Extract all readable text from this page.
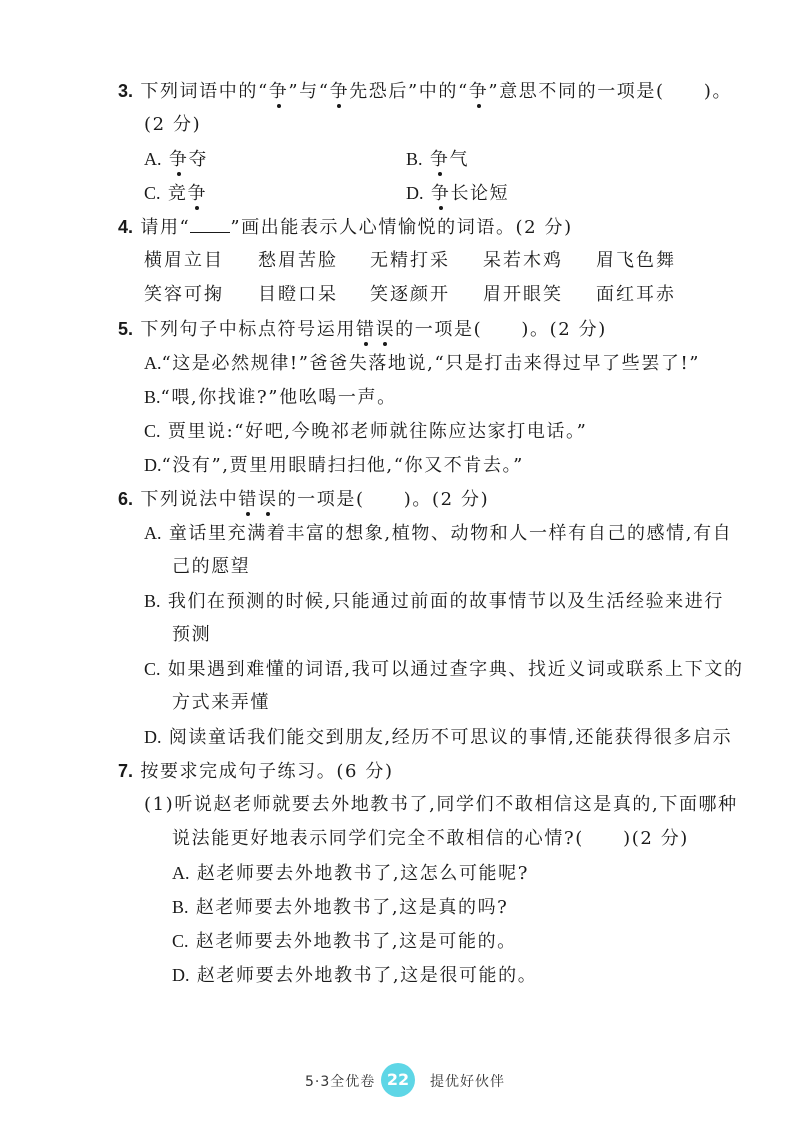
3. 下列词语中的“争”与“争先恐后”中的“争”意思不同的一项是(　　)。
(2 分)
A. 争夺	B. 争气
C. 竞争	D. 争长论短
4. 请用“ ”画出能表示人心情愉悦的词语。(2 分)
横眉立目 愁眉苦脸 无精打采 呆若木鸡 眉飞色舞
笑容可掬 目瞪口呆 笑逐颜开 眉开眼笑 面红耳赤
5. 下列句子中标点符号运用错误的一项是(　　)。(2 分)
A.“这是必然规律!”爸爸失落地说,“只是打击来得过早了些罢了!”
B.“喂,你找谁?”他吆喝一声。
C. 贾里说:“好吧,今晚祁老师就往陈应达家打电话。”
D.“没有”,贾里用眼睛扫扫他,“你又不肯去。”
6. 下列说法中错误的一项是(　　)。(2 分)
A. 童话里充满着丰富的想象,植物、动物和人一样有自己的感情,有自
己的愿望
B. 我们在预测的时候,只能通过前面的故事情节以及生活经验来进行
预测
C. 如果遇到难懂的词语,我可以通过查字典、找近义词或联系上下文的
方式来弄懂
D. 阅读童话我们能交到朋友,经历不可思议的事情,还能获得很多启示
7. 按要求完成句子练习。(6 分)
(1)听说赵老师就要去外地教书了,同学们不敢相信这是真的,下面哪种
说法能更好地表示同学们完全不敢相信的心情?(　　)(2 分)
A. 赵老师要去外地教书了,这怎么可能呢?
B. 赵老师要去外地教书了,这是真的吗?
C. 赵老师要去外地教书了,这是可能的。
D. 赵老师要去外地教书了,这是很可能的。
5·3全优卷 22	提优好伙伴
